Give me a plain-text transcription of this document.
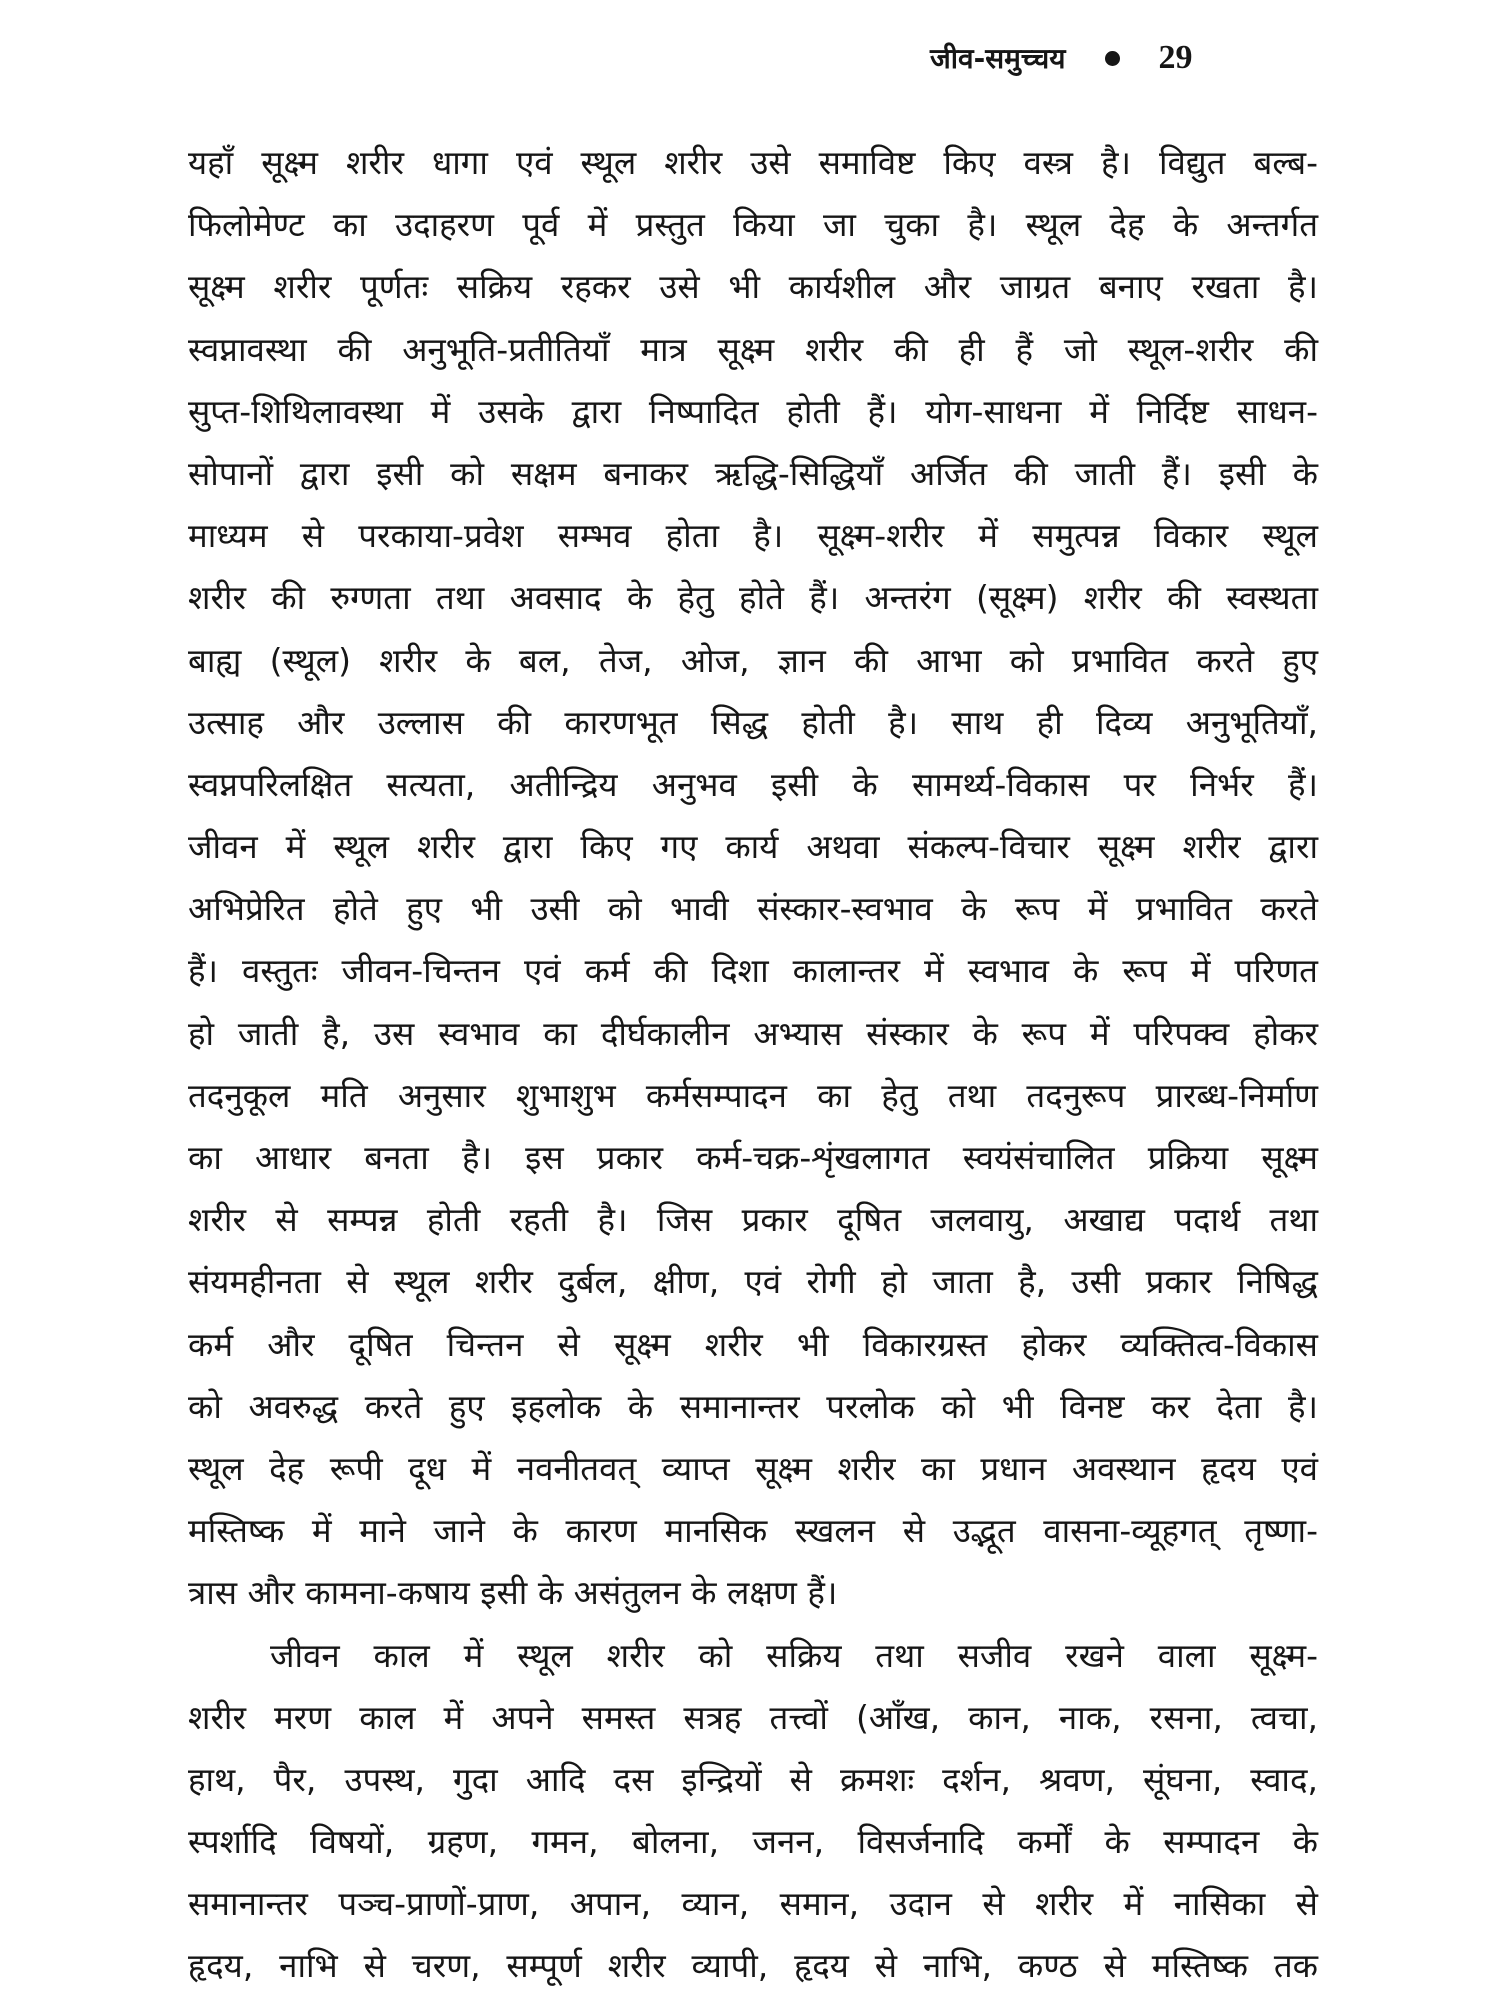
जीव-समुच्चय	29
यहाँ सूक्ष्म शरीर धागा एवं स्थूल शरीर उसे समाविष्ट किए वस्त्र है। विद्युत बल्ब-
फिलोमेण्ट का उदाहरण पूर्व में प्रस्तुत किया जा चुका है। स्थूल देह के अन्तर्गत
सूक्ष्म शरीर पूर्णतः सक्रिय रहकर उसे भी कार्यशील और जाग्रत बनाए रखता है।
स्वप्नावस्था की अनुभूति-प्रतीतियाँ मात्र सूक्ष्म शरीर की ही हैं जो स्थूल-शरीर की
सुप्त-शिथिलावस्था में उसके द्वारा निष्पादित होती हैं। योग-साधना में निर्दिष्ट साधन-
सोपानों द्वारा इसी को सक्षम बनाकर ऋद्धि-सिद्धियाँ अर्जित की जाती हैं। इसी के
माध्यम से परकाया-प्रवेश सम्भव होता है। सूक्ष्म-शरीर में समुत्पन्न विकार स्थूल
शरीर की रुग्णता तथा अवसाद के हेतु होते हैं। अन्तरंग (सूक्ष्म) शरीर की स्वस्थता
बाह्य (स्थूल) शरीर के बल, तेज, ओज, ज्ञान की आभा को प्रभावित करते हुए
उत्साह और उल्लास की कारणभूत सिद्ध होती है। साथ ही दिव्य अनुभूतियाँ,
स्वप्नपरिलक्षित सत्यता, अतीन्द्रिय अनुभव इसी के सामर्थ्य-विकास पर निर्भर हैं।
जीवन में स्थूल शरीर द्वारा किए गए कार्य अथवा संकल्प-विचार सूक्ष्म शरीर द्वारा
अभिप्रेरित होते हुए भी उसी को भावी संस्कार-स्वभाव के रूप में प्रभावित करते
हैं। वस्तुतः जीवन-चिन्तन एवं कर्म की दिशा कालान्तर में स्वभाव के रूप में परिणत
हो जाती है, उस स्वभाव का दीर्घकालीन अभ्यास संस्कार के रूप में परिपक्व होकर
तदनुकूल मति अनुसार शुभाशुभ कर्मसम्पादन का हेतु तथा तदनुरूप प्रारब्ध-निर्माण
का आधार बनता है। इस प्रकार कर्म-चक्र-शृंखलागत स्वयंसंचालित प्रक्रिया सूक्ष्म
शरीर से सम्पन्न होती रहती है। जिस प्रकार दूषित जलवायु, अखाद्य पदार्थ तथा
संयमहीनता से स्थूल शरीर दुर्बल, क्षीण, एवं रोगी हो जाता है, उसी प्रकार निषिद्ध
कर्म और दूषित चिन्तन से सूक्ष्म शरीर भी विकारग्रस्त होकर व्यक्तित्व-विकास
को अवरुद्ध करते हुए इहलोक के समानान्तर परलोक को भी विनष्ट कर देता है।
स्थूल देह रूपी दूध में नवनीतवत् व्याप्त सूक्ष्म शरीर का प्रधान अवस्थान हृदय एवं
मस्तिष्क में माने जाने के कारण मानसिक स्खलन से उद्भूत वासना-व्यूहगत् तृष्णा-
त्रास और कामना-कषाय इसी के असंतुलन के लक्षण हैं।
जीवन काल में स्थूल शरीर को सक्रिय तथा सजीव रखने वाला सूक्ष्म-
शरीर मरण काल में अपने समस्त सत्रह तत्त्वों (आँख, कान, नाक, रसना, त्वचा,
हाथ, पैर, उपस्थ, गुदा आदि दस इन्द्रियों से क्रमशः दर्शन, श्रवण, सूंघना, स्वाद,
स्पर्शादि विषयों, ग्रहण, गमन, बोलना, जनन, विसर्जनादि कर्मों के सम्पादन के
समानान्तर पञ्च-प्राणों-प्राण, अपान, व्यान, समान, उदान से शरीर में नासिका से
हृदय, नाभि से चरण, सम्पूर्ण शरीर व्यापी, हृदय से नाभि, कण्ठ से मस्तिष्क तक
